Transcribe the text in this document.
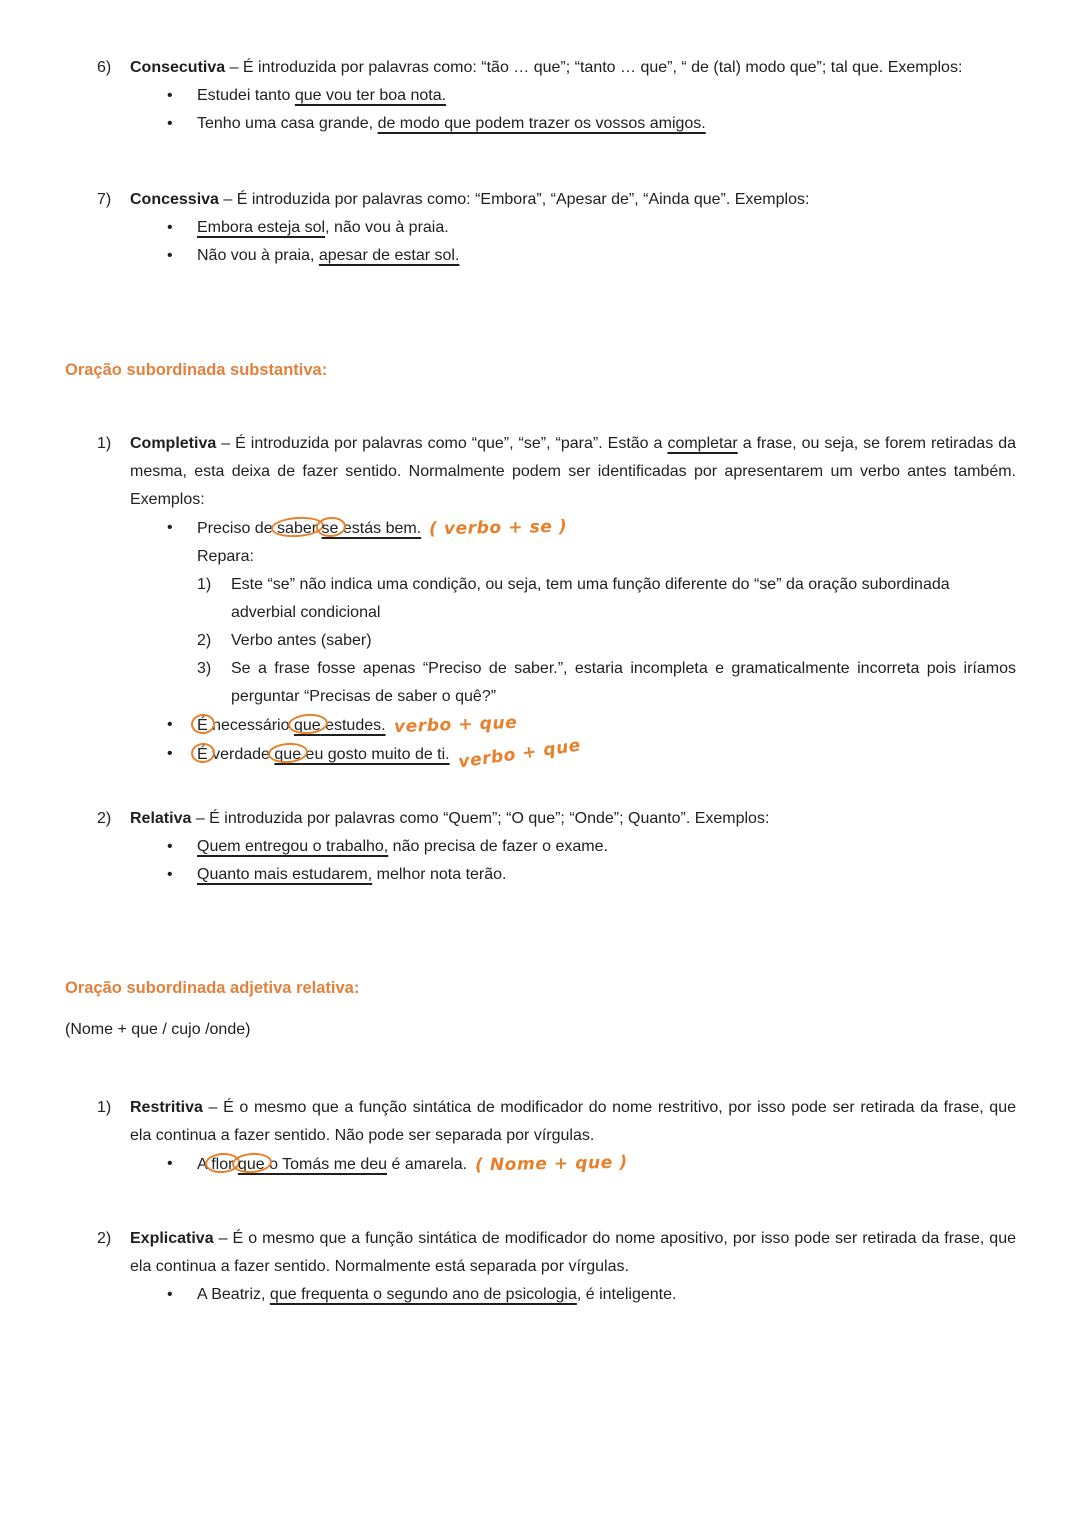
6)	Consecutiva – É introduzida por palavras como: “tão … que”; “tanto … que”, “ de (tal) modo que”; tal que. Exemplos:

• Estudei tanto que vou ter boa nota.

• Tenho uma casa grande, de modo que podem trazer os vossos amigos.

7)	Concessiva – É introduzida por palavras como: “Embora”, “Apesar de”, “Ainda que”. Exemplos:

• Embora esteja sol, não vou à praia.

• Não vou à praia, apesar de estar sol.

Oração subordinada substantiva:
1)	Completiva – É introduzida por palavras como “que”, “se”, “para”. Estão a completar a frase, ou seja, se forem retiradas da mesma, esta deixa de fazer sentido. Normalmente podem ser identificadas por apresentarem um verbo antes também. Exemplos:

• Preciso de saber se estás bem. ( verbo + se )

Repara:

1) Este “se” não indica uma condição, ou seja, tem uma função diferente do “se” da oração subordinada adverbial condicional

2) Verbo antes (saber)

3) Se a frase fosse apenas “Preciso de saber.”, estaria incompleta e gramaticalmente incorreta pois iríamos perguntar “Precisas de saber o quê?”

• É necessário que estudes. verbo + que

• É verdade que eu gosto muito de ti. verbo + que

2)	Relativa – É introduzida por palavras como “Quem”; “O que”; “Onde”; Quanto”. Exemplos:

• Quem entregou o trabalho, não precisa de fazer o exame.

• Quanto mais estudarem, melhor nota terão.

Oração subordinada adjetiva relativa:

(Nome + que / cujo /onde)

1)	Restritiva – É o mesmo que a função sintática de modificador do nome restritivo, por isso pode ser retirada da frase, que ela continua a fazer sentido. Não pode ser separada por vírgulas.

• A flor que o Tomás me deu é amarela. ( Nome + que )

2)	Explicativa – É o mesmo que a função sintática de modificador do nome apositivo, por isso pode ser retirada da frase, que ela continua a fazer sentido. Normalmente está separada por vírgulas.

• A Beatriz, que frequenta o segundo ano de psicologia, é inteligente.
